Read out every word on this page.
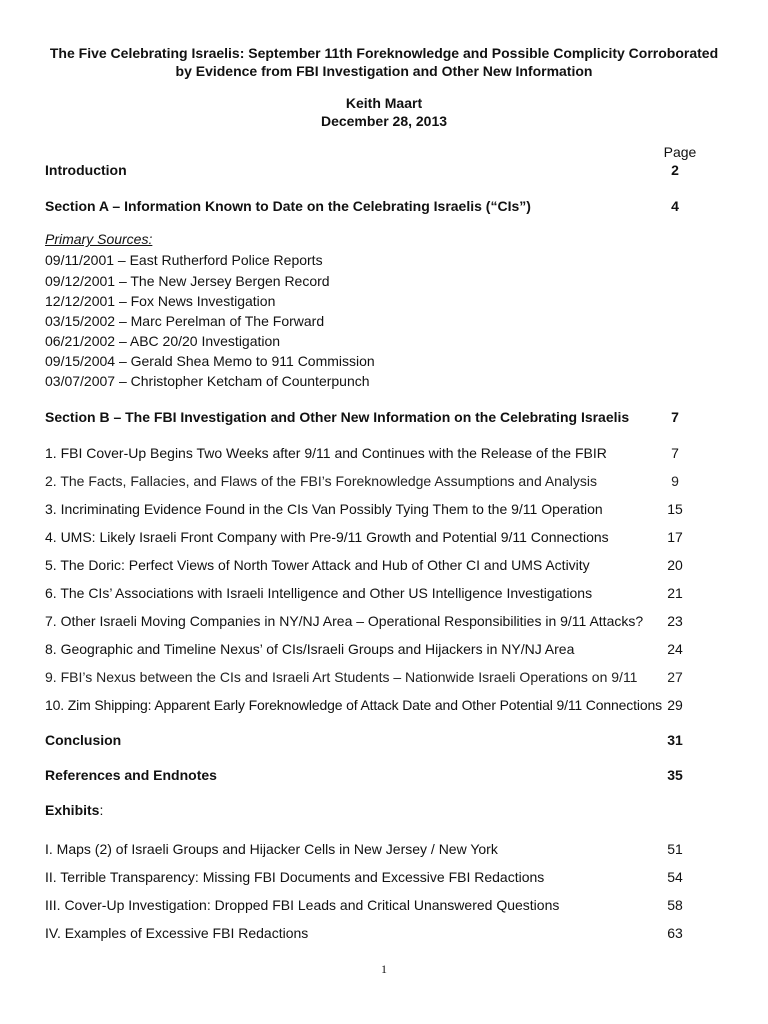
The Five Celebrating Israelis: September 11th Foreknowledge and Possible Complicity Corroborated
by Evidence from FBI Investigation and Other New Information
Keith Maart
December 28, 2013
Page
Introduction	2
Section A – Information Known to Date on the Celebrating Israelis (“CIs”)	4
Primary Sources:
09/11/2001 – East Rutherford Police Reports
09/12/2001 – The New Jersey Bergen Record
12/12/2001 – Fox News Investigation
03/15/2002 – Marc Perelman of The Forward
06/21/2002 – ABC 20/20 Investigation
09/15/2004 – Gerald Shea Memo to 911 Commission
03/07/2007 – Christopher Ketcham of Counterpunch
Section B – The FBI Investigation and Other New Information on the Celebrating Israelis	7
1. FBI Cover-Up Begins Two Weeks after 9/11 and Continues with the Release of the FBIR	7
2. The Facts, Fallacies, and Flaws of the FBI’s Foreknowledge Assumptions and Analysis	9
3. Incriminating Evidence Found in the CIs Van Possibly Tying Them to the 9/11 Operation	15
4. UMS: Likely Israeli Front Company with Pre-9/11 Growth and Potential 9/11 Connections	17
5. The Doric: Perfect Views of North Tower Attack and Hub of Other CI and UMS Activity	20
6. The CIs’ Associations with Israeli Intelligence and Other US Intelligence Investigations	21
7. Other Israeli Moving Companies in NY/NJ Area – Operational Responsibilities in 9/11 Attacks?	23
8. Geographic and Timeline Nexus’ of CIs/Israeli Groups and Hijackers in NY/NJ Area	24
9. FBI’s Nexus between the CIs and Israeli Art Students – Nationwide Israeli Operations on 9/11	27
10. Zim Shipping: Apparent Early Foreknowledge of Attack Date and Other Potential 9/11 Connections 29
Conclusion	31
References and Endnotes	35
Exhibits:
I. Maps (2) of Israeli Groups and Hijacker Cells in New Jersey / New York	51
II. Terrible Transparency: Missing FBI Documents and Excessive FBI Redactions	54
III. Cover-Up Investigation: Dropped FBI Leads and Critical Unanswered Questions	58
IV. Examples of Excessive FBI Redactions	63
1
